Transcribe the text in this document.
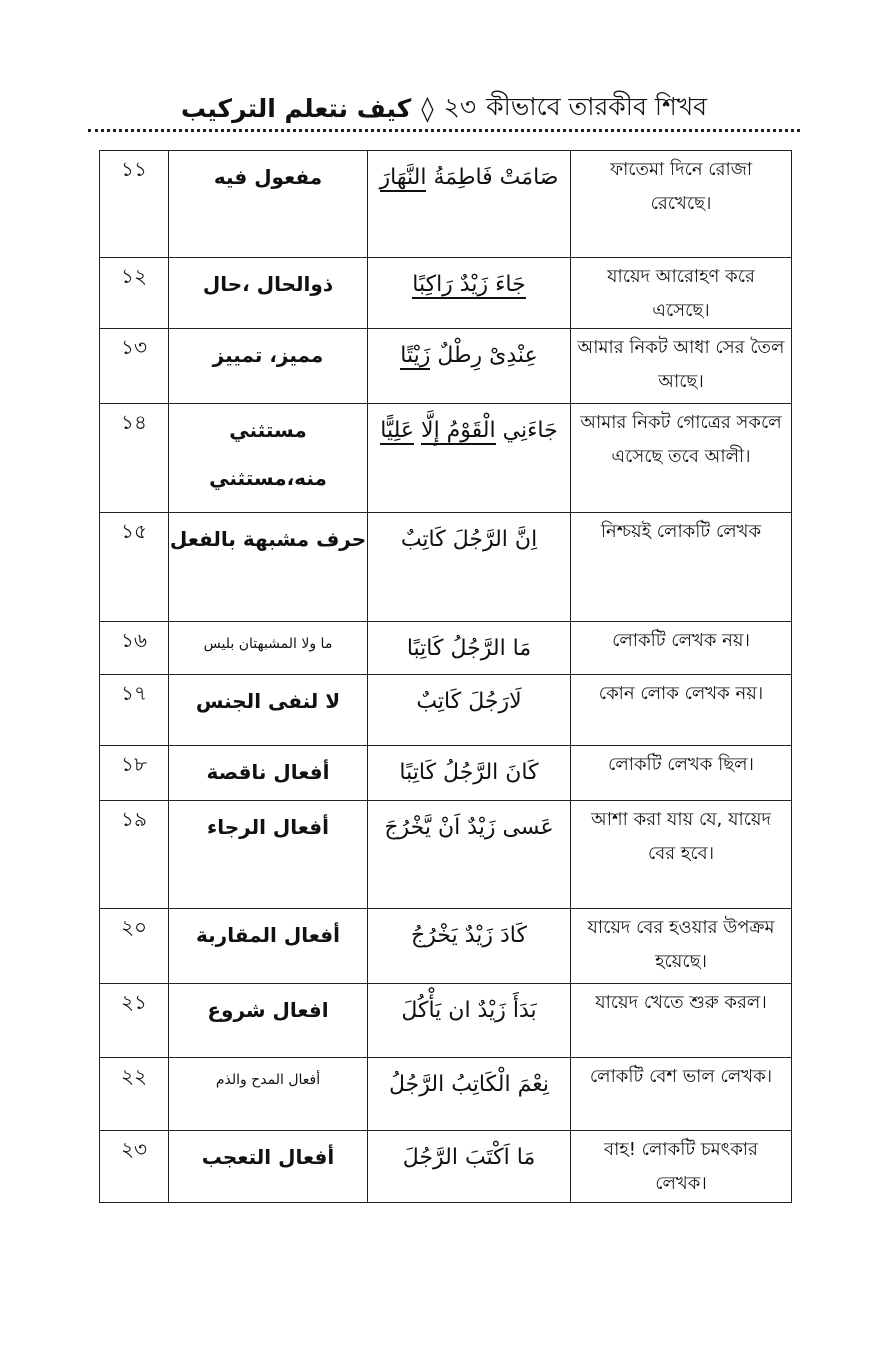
كيف نتعلم التركيب ◊ ২৩ কীভাবে তারকীব শিখব
১১	مفعول فيه	صَامَتْ فَاطِمَةُ النَّهَارَ	ফাতেমা দিনে রোজা রেখেছে।
১২	ذوالحال ،حال	جَاءَ زَيْدٌ رَاكِبًا	যায়েদ আরোহণ করে এসেছে।
১৩	مميز، تمييز	عِنْدِىْ رِطْلٌ زَيْتًا	আমার নিকট আধা সের তৈল আছে।
১৪	مستثني منه،مستثني	جَاءَنِي الْقَوْمُ إِلَّا عَلِيًّا	আমার নিকট গোত্রের সকলে এসেছে তবে আলী।
১৫	حرف مشبهة بالفعل	اِنَّ الرَّجُلَ كَاتِبٌ	নিশ্চয়ই লোকটি লেখক
১৬	ما ولا المشبهتان بليس	مَا الرَّجُلُ كَاتِبًا	লোকটি লেখক নয়।
১৭	لا لنفى الجنس	لَارَجُلَ كَاتِبٌ	কোন লোক লেখক নয়।
১৮	أفعال ناقصة	كَانَ الرَّجُلُ كَاتِبًا	লোকটি লেখক ছিল।
১৯	أفعال الرجاء	عَسى زَيْدٌ اَنْ يَّخْرُجَ	আশা করা যায় যে, যায়েদ বের হবে।
২০	أفعال المقاربة	كَادَ زَيْدٌ يَخْرُجُ	যায়েদ বের হওয়ার উপক্রম হয়েছে।
২১	افعال شروع	بَدَأَ زَيْدٌ ان يَأْكُلَ	যায়েদ খেতে শুরু করল।
২২	أفعال المدح والذم	نِعْمَ الْكَاتِبُ الرَّجُلُ	লোকটি বেশ ভাল লেখক।
২৩	أفعال التعجب	مَا اَكْتَبَ الرَّجُلَ	বাহ! লোকটি চমৎকার লেখক।
